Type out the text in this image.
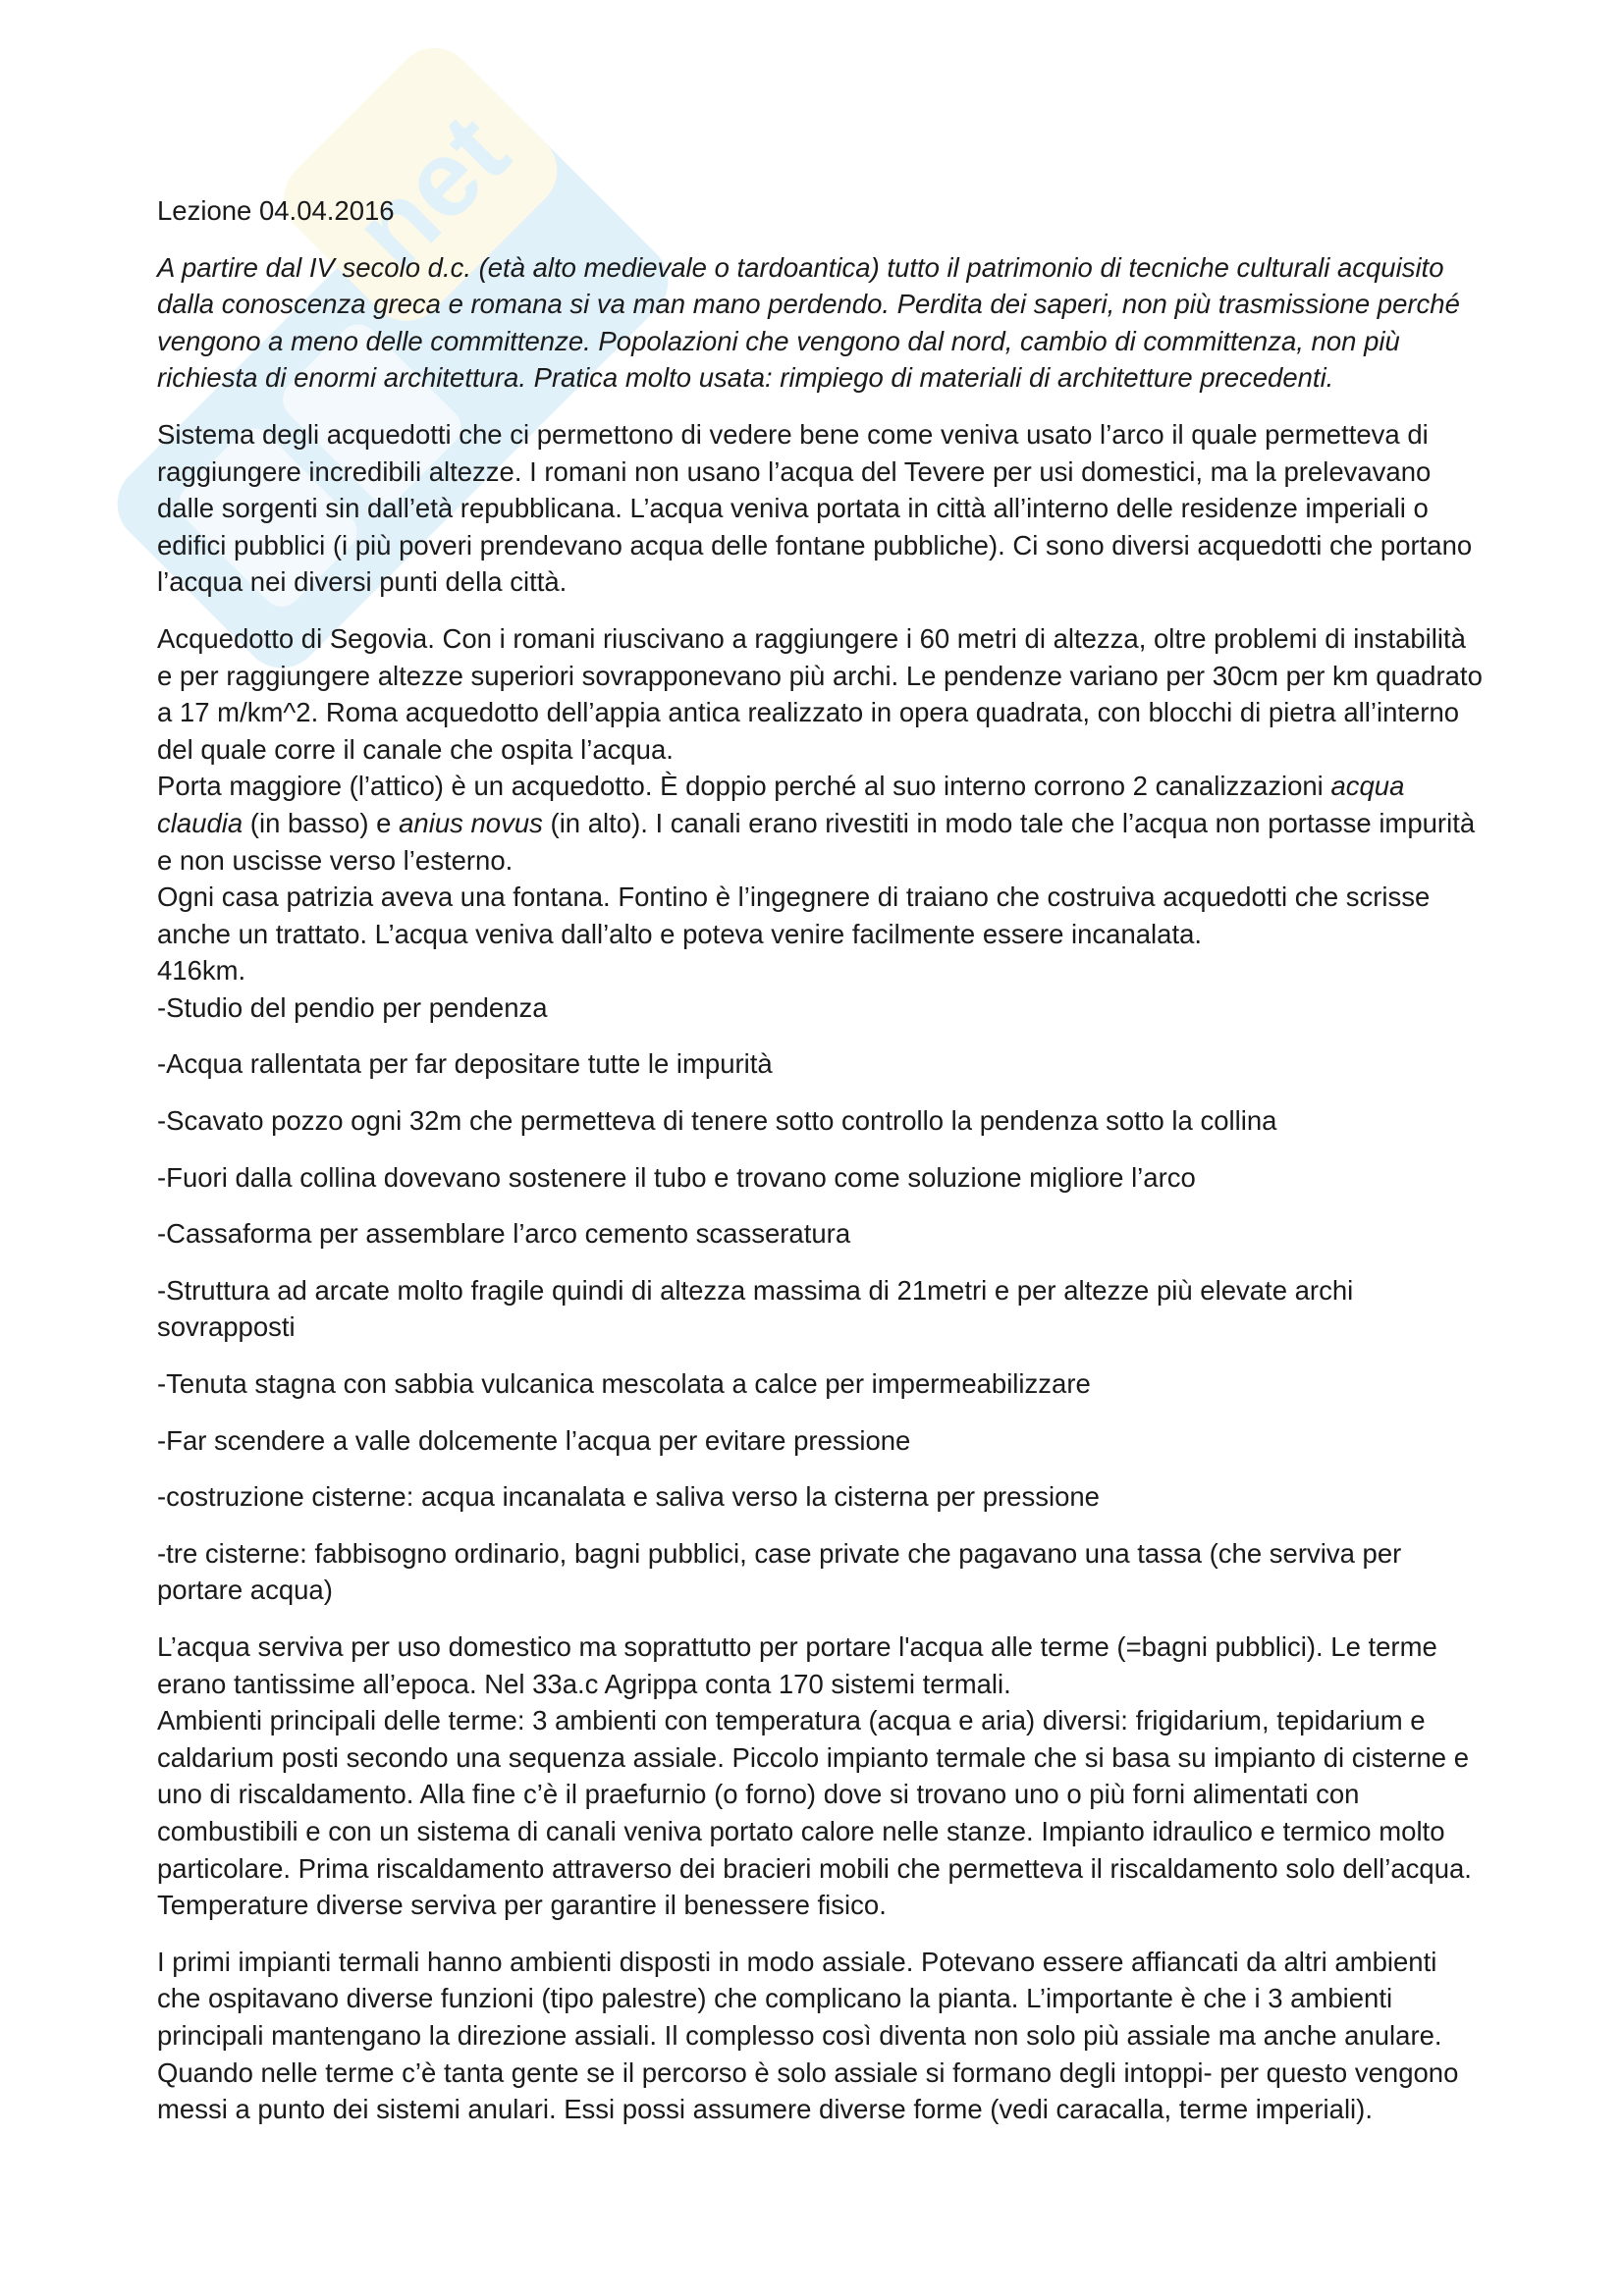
net

Lezione 04.04.2016

A partire dal IV secolo d.c. (età alto medievale o tardoantica) tutto il patrimonio di tecniche culturali acquisito dalla conoscenza greca e romana si va man mano perdendo. Perdita dei saperi, non più trasmissione perché vengono a meno delle committenze. Popolazioni che vengono dal nord, cambio di committenza, non più richiesta di enormi architettura. Pratica molto usata: rimpiego di materiali di architetture precedenti.

Sistema degli acquedotti che ci permettono di vedere bene come veniva usato l’arco il quale permetteva di raggiungere incredibili altezze. I romani non usano l’acqua del Tevere per usi domestici, ma la prelevavano dalle sorgenti sin dall’età repubblicana. L’acqua veniva portata in città all’interno delle residenze imperiali o edifici pubblici (i più poveri prendevano acqua delle fontane pubbliche). Ci sono diversi acquedotti che portano l’acqua nei diversi punti della città.

Acquedotto di Segovia. Con i romani riuscivano a raggiungere i 60 metri di altezza, oltre problemi di instabilità e per raggiungere altezze superiori sovrapponevano più archi. Le pendenze variano per 30cm per km quadrato a 17 m/km^2. Roma acquedotto dell’appia antica realizzato in opera quadrata, con blocchi di pietra all’interno del quale corre il canale che ospita l’acqua.

Porta maggiore (l’attico) è un acquedotto. È doppio perché al suo interno corrono 2 canalizzazioni acqua claudia (in basso) e anius novus (in alto). I canali erano rivestiti in modo tale che l’acqua non portasse impurità e non uscisse verso l’esterno.

Ogni casa patrizia aveva una fontana. Fontino è l’ingegnere di traiano che costruiva acquedotti che scrisse anche un trattato. L’acqua veniva dall’alto e poteva venire facilmente essere incanalata.

416km.

-Studio del pendio per pendenza

-Acqua rallentata per far depositare tutte le impurità

-Scavato pozzo ogni 32m che permetteva di tenere sotto controllo la pendenza sotto la collina

-Fuori dalla collina dovevano sostenere il tubo e trovano come soluzione migliore l’arco

-Cassaforma per assemblare l’arco cemento scasseratura

-Struttura ad arcate molto fragile quindi di altezza massima di 21metri e per altezze più elevate archi sovrapposti

-Tenuta stagna con sabbia vulcanica mescolata a calce per impermeabilizzare

-Far scendere a valle dolcemente l’acqua per evitare pressione

-costruzione cisterne: acqua incanalata e saliva verso la cisterna per pressione

-tre cisterne: fabbisogno ordinario, bagni pubblici, case private che pagavano una tassa (che serviva per portare acqua)

L’acqua serviva per uso domestico ma soprattutto per portare l'acqua alle terme (=bagni pubblici). Le terme erano tantissime all’epoca. Nel 33a.c Agrippa conta 170 sistemi termali.

Ambienti principali delle terme: 3 ambienti con temperatura (acqua e aria) diversi: frigidarium, tepidarium e caldarium posti secondo una sequenza assiale. Piccolo impianto termale che si basa su impianto di cisterne e uno di riscaldamento. Alla fine c’è il praefurnio (o forno) dove si trovano uno o più forni alimentati con combustibili e con un sistema di canali veniva portato calore nelle stanze. Impianto idraulico e termico molto particolare. Prima riscaldamento attraverso dei bracieri mobili che permetteva il riscaldamento solo dell’acqua. Temperature diverse serviva per garantire il benessere fisico.

I primi impianti termali hanno ambienti disposti in modo assiale. Potevano essere affiancati da altri ambienti che ospitavano diverse funzioni (tipo palestre) che complicano la pianta. L’importante è che i 3 ambienti principali mantengano la direzione assiali. Il complesso così diventa non solo più assiale ma anche anulare. Quando nelle terme c’è tanta gente se il percorso è solo assiale si formano degli intoppi- per questo vengono messi a punto dei sistemi anulari. Essi possi assumere diverse forme (vedi caracalla, terme imperiali).
